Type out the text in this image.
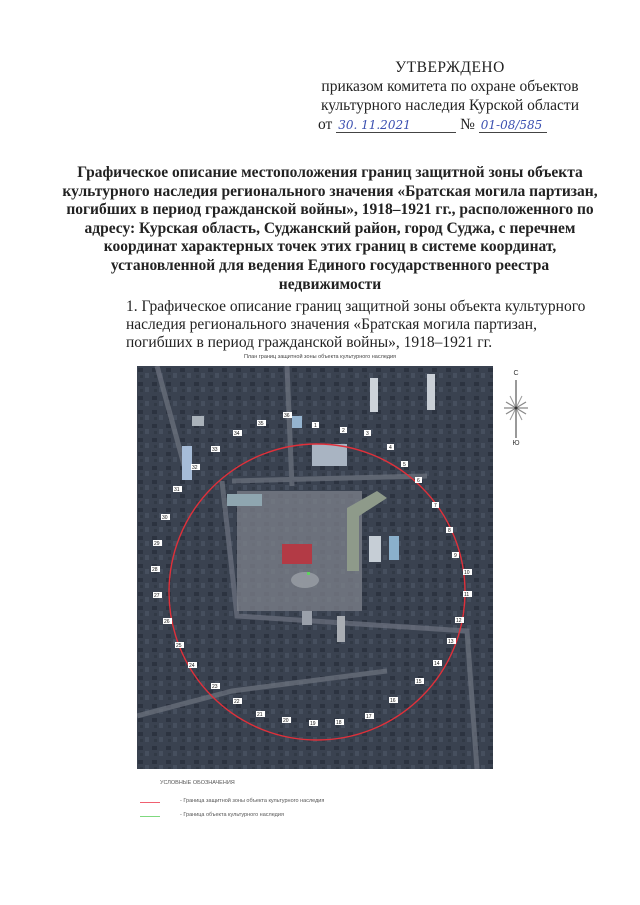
УТВЕРЖДЕНО
приказом комитета по охране объектов
культурного наследия Курской области
от 30. 11.2021	№ 01-08/585
Графическое описание местоположения границ защитной зоны объекта культурного наследия регионального значения «Братская могила партизан, погибших в период гражданской войны», 1918–1921 гг., расположенного по адресу: Курская область, Суджанский район, город Суджа, с перечнем координат характерных точек этих границ в системе координат, установленной для ведения Единого государственного реестра недвижимости
1. Графическое описание границ защитной зоны объекта культурного наследия регионального значения «Братская могила партизан, погибших в период гражданской войны», 1918–1921 гг.
План границ защитной зоны объекта культурного наследия
1
2	3
4
5
6
7
8
9
10
11
12
13
14
15
16
17
18
19
20
21
22
23
24
25
26
27
28
29
30
31
32
33
34
35
36
С
Ю
УСЛОВНЫЕ ОБОЗНАЧЕНИЯ
- Граница защитной зоны объекта культурного наследия
- Граница объекта культурного наследия
